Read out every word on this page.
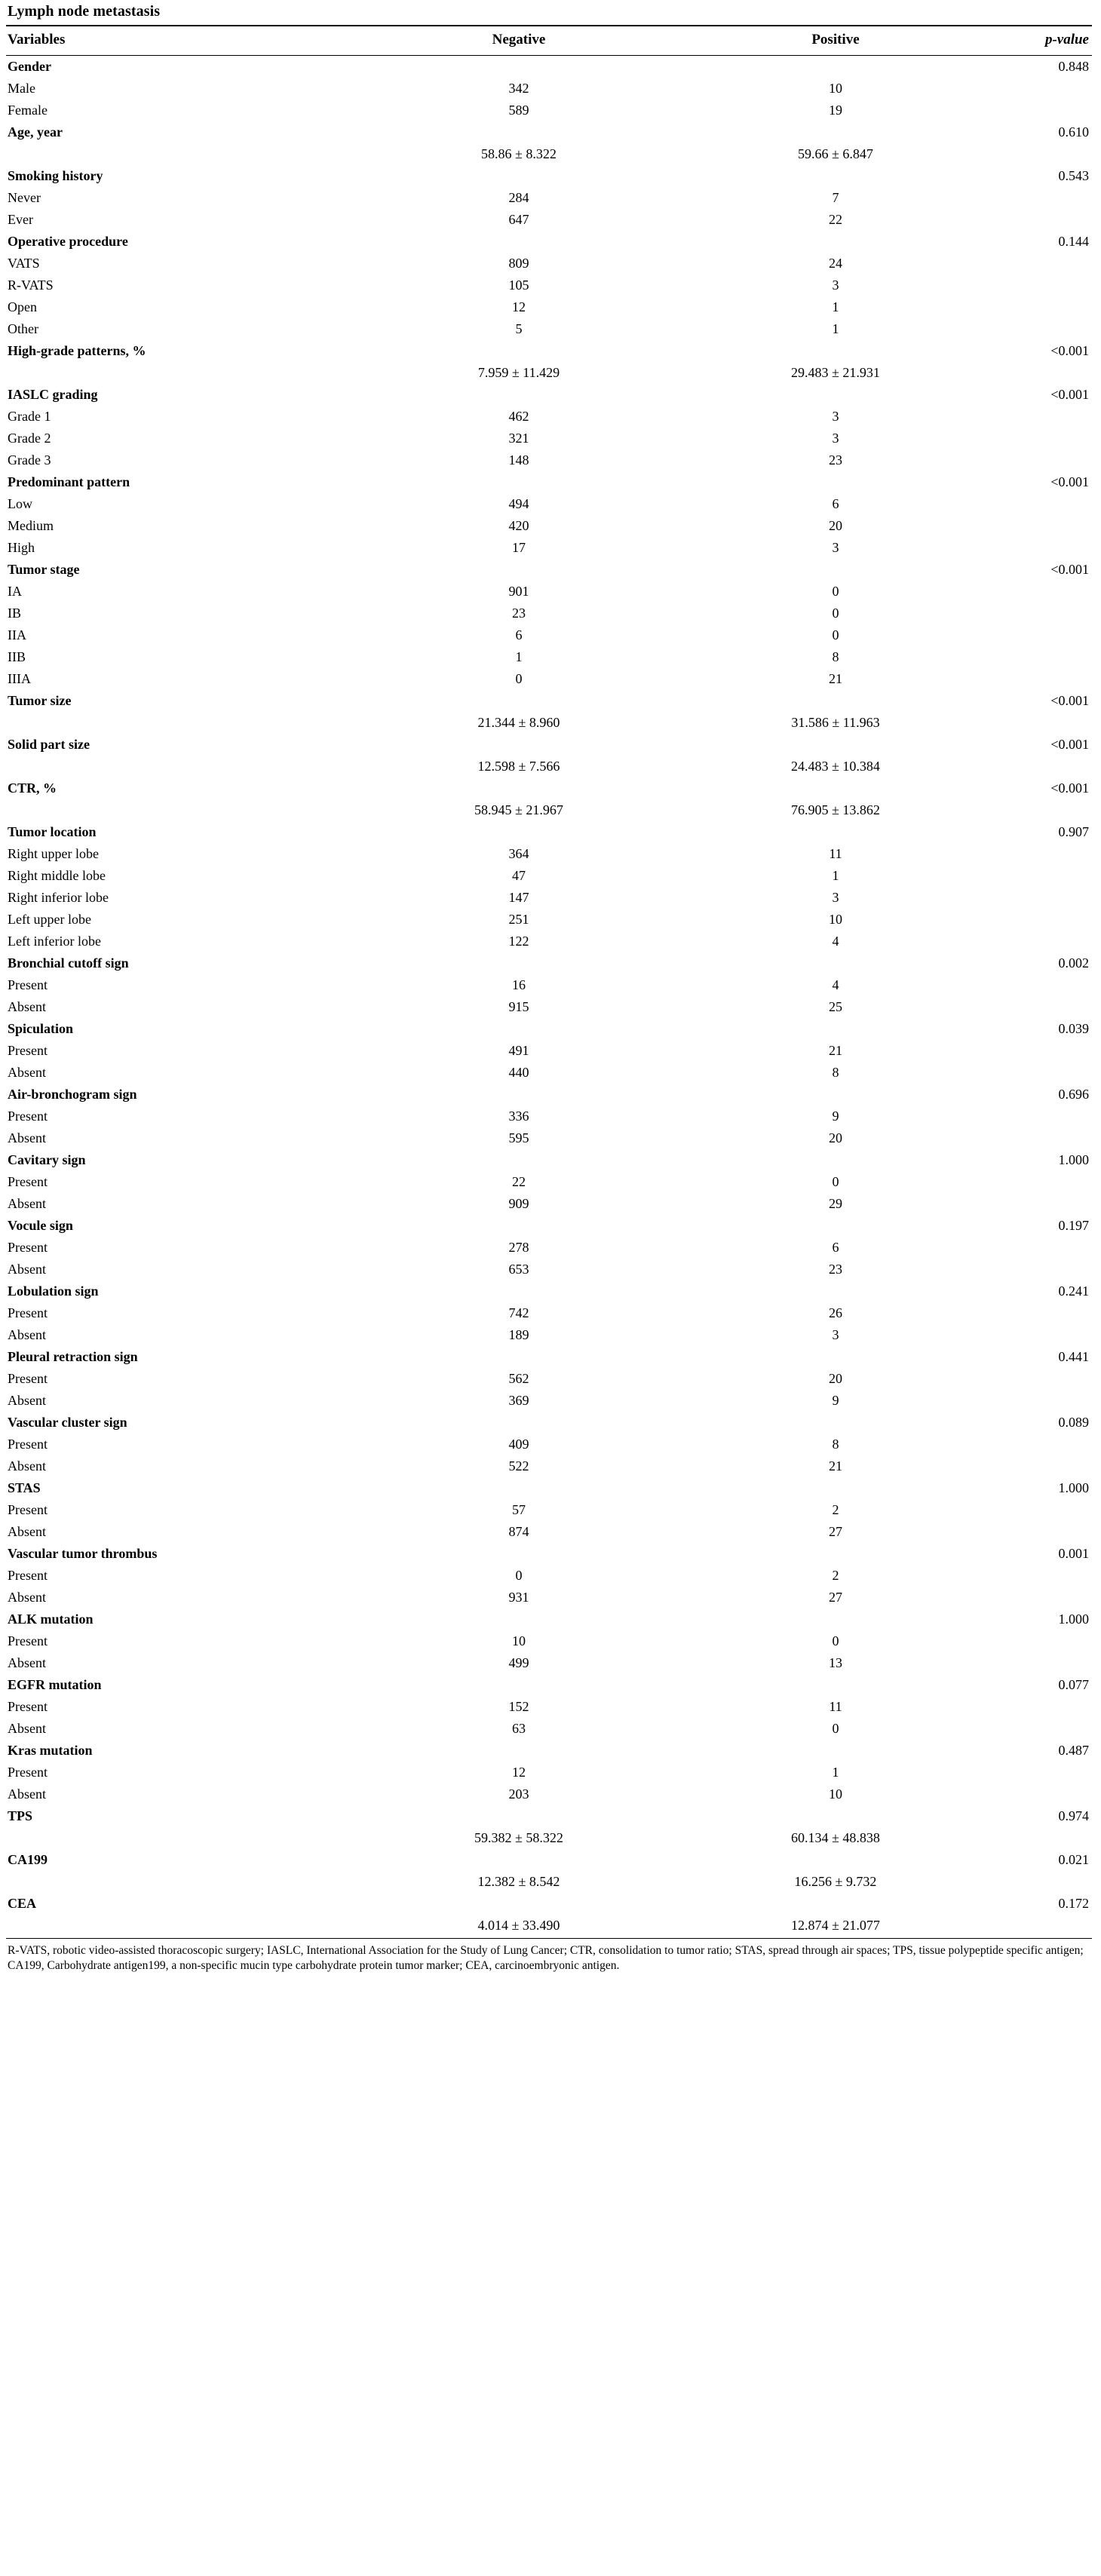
Lymph node metastasis
Variables	Negative	Positive	p-value
Gender			0.848
Male	342	10	
Female	589	19	
Age, year			0.610
	58.86 ± 8.322	59.66 ± 6.847	
Smoking history			0.543
Never	284	7	
Ever	647	22	
Operative procedure			0.144
VATS	809	24	
R-VATS	105	3	
Open	12	1	
Other	5	1	
High-grade patterns, %			<0.001
	7.959 ± 11.429	29.483 ± 21.931	
IASLC grading			<0.001
Grade 1	462	3	
Grade 2	321	3	
Grade 3	148	23	
Predominant pattern			<0.001
Low	494	6	
Medium	420	20	
High	17	3	
Tumor stage			<0.001
IA	901	0	
IB	23	0	
IIA	6	0	
IIB	1	8	
IIIA	0	21	
Tumor size			<0.001
	21.344 ± 8.960	31.586 ± 11.963	
Solid part size			<0.001
	12.598 ± 7.566	24.483 ± 10.384	
CTR, %			<0.001
	58.945 ± 21.967	76.905 ± 13.862	
Tumor location			0.907
Right upper lobe	364	11	
Right middle lobe	47	1	
Right inferior lobe	147	3	
Left upper lobe	251	10	
Left inferior lobe	122	4	
Bronchial cutoff sign			0.002
Present	16	4	
Absent	915	25	
Spiculation			0.039
Present	491	21	
Absent	440	8	
Air-bronchogram sign			0.696
Present	336	9	
Absent	595	20	
Cavitary sign			1.000
Present	22	0	
Absent	909	29	
Vocule sign			0.197
Present	278	6	
Absent	653	23	
Lobulation sign			0.241
Present	742	26	
Absent	189	3	
Pleural retraction sign			0.441
Present	562	20	
Absent	369	9	
Vascular cluster sign			0.089
Present	409	8	
Absent	522	21	
STAS			1.000
Present	57	2	
Absent	874	27	
Vascular tumor thrombus			0.001
Present	0	2	
Absent	931	27	
ALK mutation			1.000
Present	10	0	
Absent	499	13	
EGFR mutation			0.077
Present	152	11	
Absent	63	0	
Kras mutation			0.487
Present	12	1	
Absent	203	10	
TPS			0.974
	59.382 ± 58.322	60.134 ± 48.838	
CA199			0.021
	12.382 ± 8.542	16.256 ± 9.732	
CEA			0.172
	4.014 ± 33.490	12.874 ± 21.077	
R-VATS, robotic video-assisted thoracoscopic surgery; IASLC, International Association for the Study of Lung Cancer; CTR, consolidation to tumor ratio; STAS, spread through air spaces; TPS, tissue polypeptide specific antigen; CA199, Carbohydrate antigen199, a non-specific mucin type carbohydrate protein tumor marker; CEA, carcinoembryonic antigen.
